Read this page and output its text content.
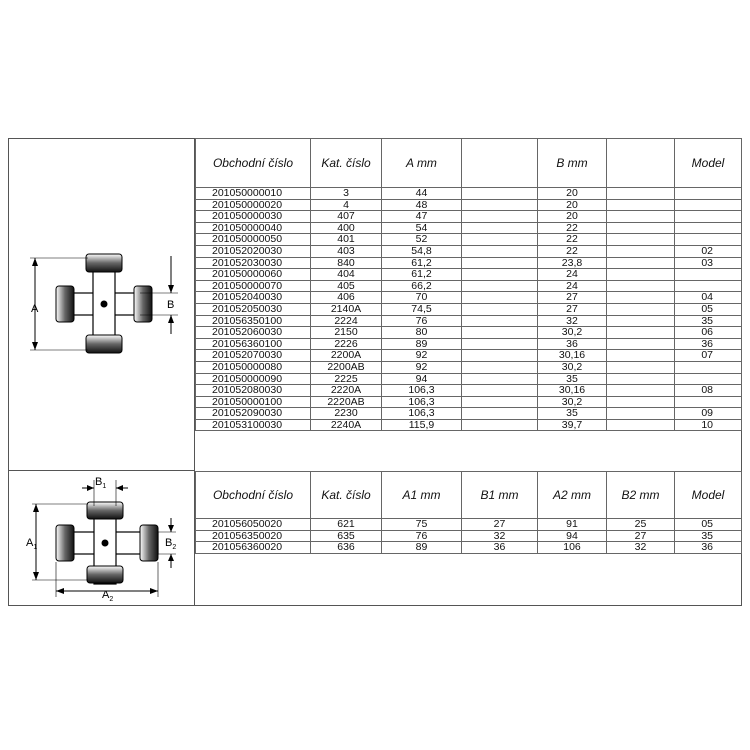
A	B
$B_1$
$A_1$	$B_2$
$A_2$
Obchodní číslo	Kat. číslo	A mm		B mm		Model
201050000010	3	44		20		
201050000020	4	48		20		
201050000030	407	47		20		
201050000040	400	54		22		
201050000050	401	52		22		
201052020030	403	54,8		22		02
201052030030	840	61,2		23,8		03
201050000060	404	61,2		24		
201050000070	405	66,2		24		
201052040030	406	70		27		04
201052050030	2140A	74,5		27		05
201056350100	2224	76		32		35
201052060030	2150	80		30,2		06
201056360100	2226	89		36		36
201052070030	2200A	92		30,16		07
201050000080	2200AB	92		30,2		
201050000090	2225	94		35		
201052080030	2220A	106,3		30,16		08
201050000100	2220AB	106,3		30,2		
201052090030	2230	106,3		35		09
201053100030	2240A	115,9		39,7		10
Obchodní číslo	Kat. číslo	A1 mm	B1 mm	A2 mm	B2 mm	Model
201056050020	621	75	27	91	25	05
201056350020	635	76	32	94	27	35
201056360020	636	89	36	106	32	36
